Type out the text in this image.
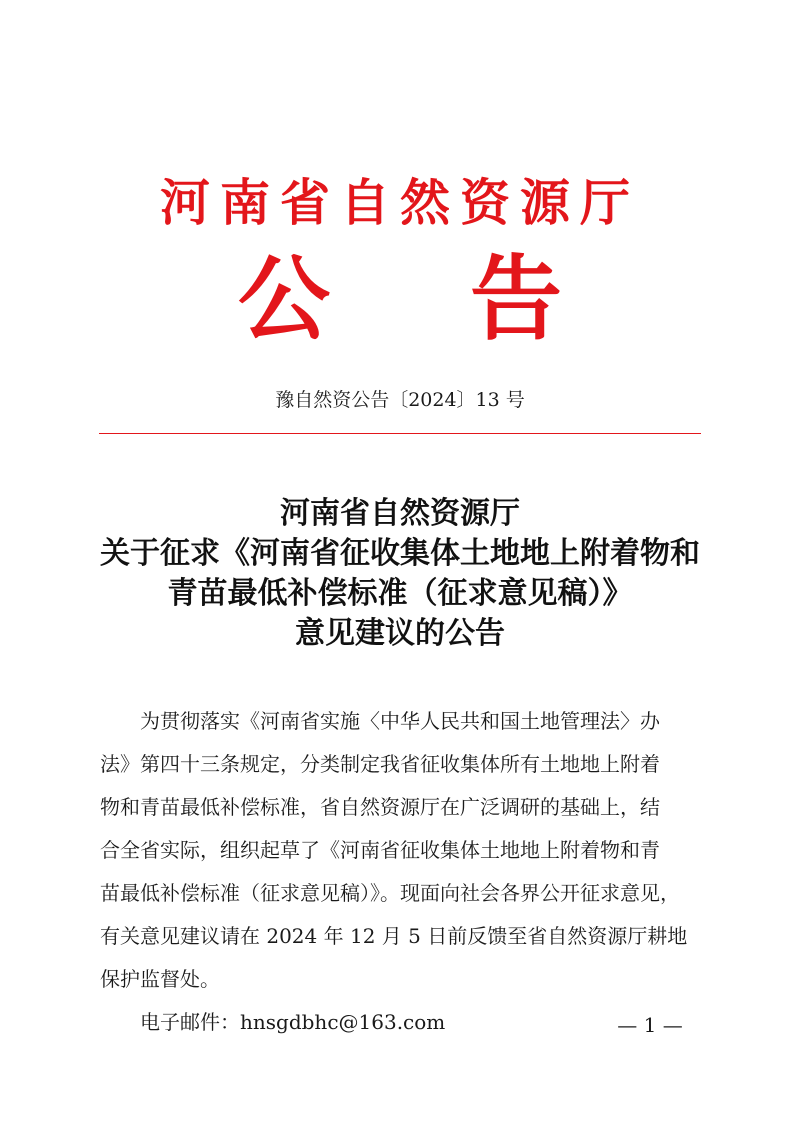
河南省自然资源厅
公 告
豫自然资公告〔2024〕13 号
河南省自然资源厅
关于征求《河南省征收集体土地地上附着物和
青苗最低补偿标准（征求意见稿）》
意见建议的公告
为贯彻落实《河南省实施〈中华人民共和国土地管理法〉办
法》第四十三条规定，分类制定我省征收集体所有土地地上附着
物和青苗最低补偿标准，省自然资源厅在广泛调研的基础上，结
合全省实际，组织起草了《河南省征收集体土地地上附着物和青
苗最低补偿标准（征求意见稿）》。现面向社会各界公开征求意见，
有关意见建议请在 2024 年 12 月 5 日前反馈至省自然资源厅耕地
保护监督处。
电子邮件：hnsgdbhc@163.com	— 1 —
